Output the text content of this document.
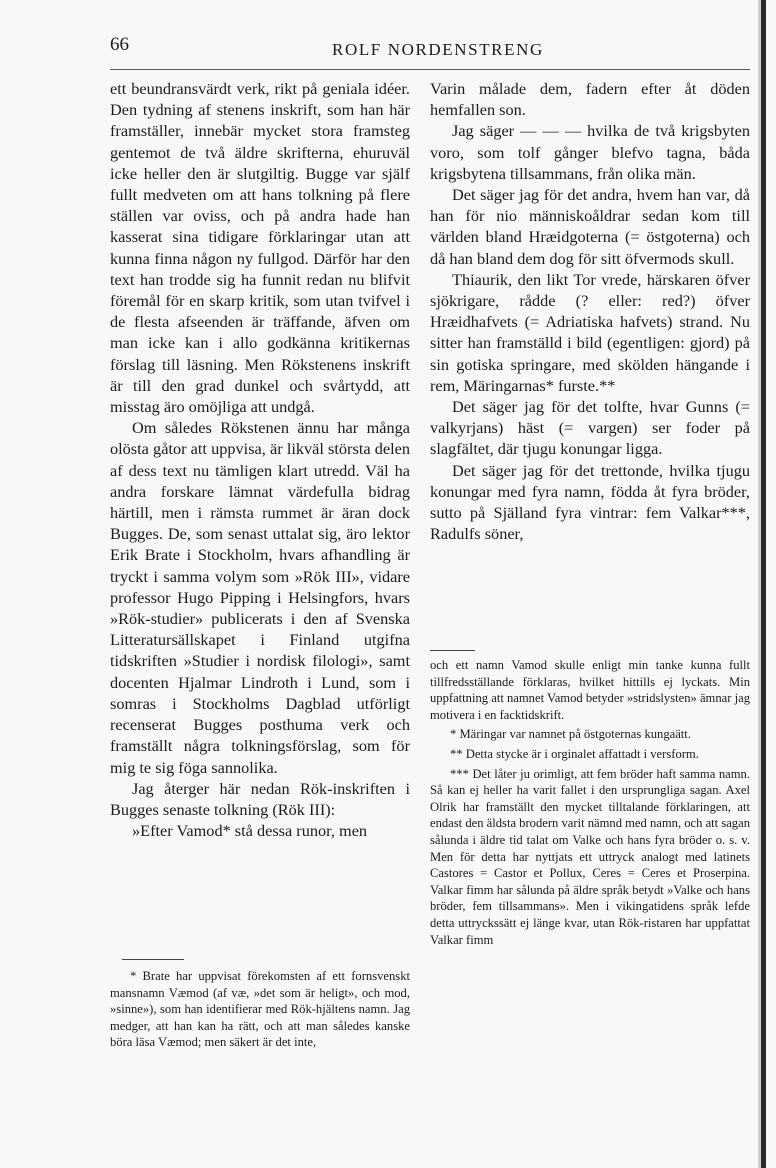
66	ROLF NORDENSTRENG

ett beundransvärdt verk, rikt på geniala idéer. Den tydning af stenens inskrift, som han här framställer, innebär mycket stora framsteg gentemot de två äldre skrifterna, ehuruväl icke heller den är slutgiltig. Bugge var själf fullt medveten om att hans tolkning på flere ställen var oviss, och på andra hade han kasserat sina tidigare förklaringar utan att kunna finna någon ny fullgod. Därför har den text han trodde sig ha funnit redan nu blifvit föremål för en skarp kritik, som utan tvifvel i de flesta afseenden är träffande, äfven om man icke kan i allo godkänna kritikernas förslag till läsning. Men Rökstenens inskrift är till den grad dunkel och svårtydd, att misstag äro omöjliga att undgå.

Om således Rökstenen ännu har många olösta gåtor att uppvisa, är likväl största delen af dess text nu tämligen klart utredd. Väl ha andra forskare lämnat värdefulla bidrag härtill, men i rämsta rummet är äran dock Bugges. De, som senast uttalat sig, äro lektor Erik Brate i Stockholm, hvars afhandling är tryckt i samma volym som »Rök III», vidare professor Hugo Pipping i Helsingfors, hvars »Rök-studier» publicerats i den af Svenska Litteratursällskapet i Finland utgifna tidskriften »Studier i nordisk filologi», samt docenten Hjalmar Lindroth i Lund, som i somras i Stockholms Dagblad utförligt recenserat Bugges posthuma verk och framställt några tolkningsförslag, som för mig te sig föga sannolika.

Jag återger här nedan Rök-inskriften i Bugges senaste tolkning (Rök III):

»Efter Vamod* stå dessa runor, men

* Brate har uppvisat förekomsten af ett fornsvenskt mansnamn Væmod (af væ, »det som är heligt», och mod, »sinne»), som han identifierar med Rök-hjältens namn. Jag medger, att han kan ha rätt, och att man således kanske böra läsa Væmod; men säkert är det inte,

Varin målade dem, fadern efter åt döden hemfallen son.

Jag säger — — — hvilka de två krigsbyten voro, som tolf gånger blefvo tagna, båda krigsbytena tillsammans, från olika män.

Det säger jag för det andra, hvem han var, då han för nio människoåldrar sedan kom till världen bland Hræidgoterna (= östgoterna) och då han bland dem dog för sitt öfvermods skull.

Thiaurik, den likt Tor vrede, härskaren öfver sjökrigare, rådde (? eller: red?) öfver Hræidhafvets (= Adriatiska hafvets) strand. Nu sitter han framställd i bild (egentligen: gjord) på sin gotiska springare, med skölden hängande i rem, Märingarnas* furste.**

Det säger jag för det tolfte, hvar Gunns (= valkyrjans) häst (= vargen) ser foder på slagfältet, där tjugu konungar ligga.

Det säger jag för det trettonde, hvilka tjugu konungar med fyra namn, födda åt fyra bröder, sutto på Själland fyra vintrar: fem Valkar***, Radulfs söner,

och ett namn Vamod skulle enligt min tanke kunna fullt tillfredsställande förklaras, hvilket hittills ej lyckats. Min uppfattning att namnet Vamod betyder »stridslysten» ämnar jag motivera i en facktidskrift.

* Märingar var namnet på östgoternas kungaätt.

** Detta stycke är i orginalet affattadt i versform.

*** Det låter ju orimligt, att fem bröder haft samma namn. Så kan ej heller ha varit fallet i den ursprungliga sagan. Axel Olrik har framställt den mycket tilltalande förklaringen, att endast den äldsta brodern varit nämnd med namn, och att sagan sålunda i äldre tid talat om Valke och hans fyra bröder o. s. v. Men för detta har nyttjats ett uttryck analogt med latinets Castores = Castor et Pollux, Ceres = Ceres et Proserpina. Valkar fimm har sålunda på äldre språk betydt »Valke och hans bröder, fem tillsammans». Men i vikingatidens språk lefde detta uttryckssätt ej länge kvar, utan Rök-ristaren har uppfattat Valkar fimm
